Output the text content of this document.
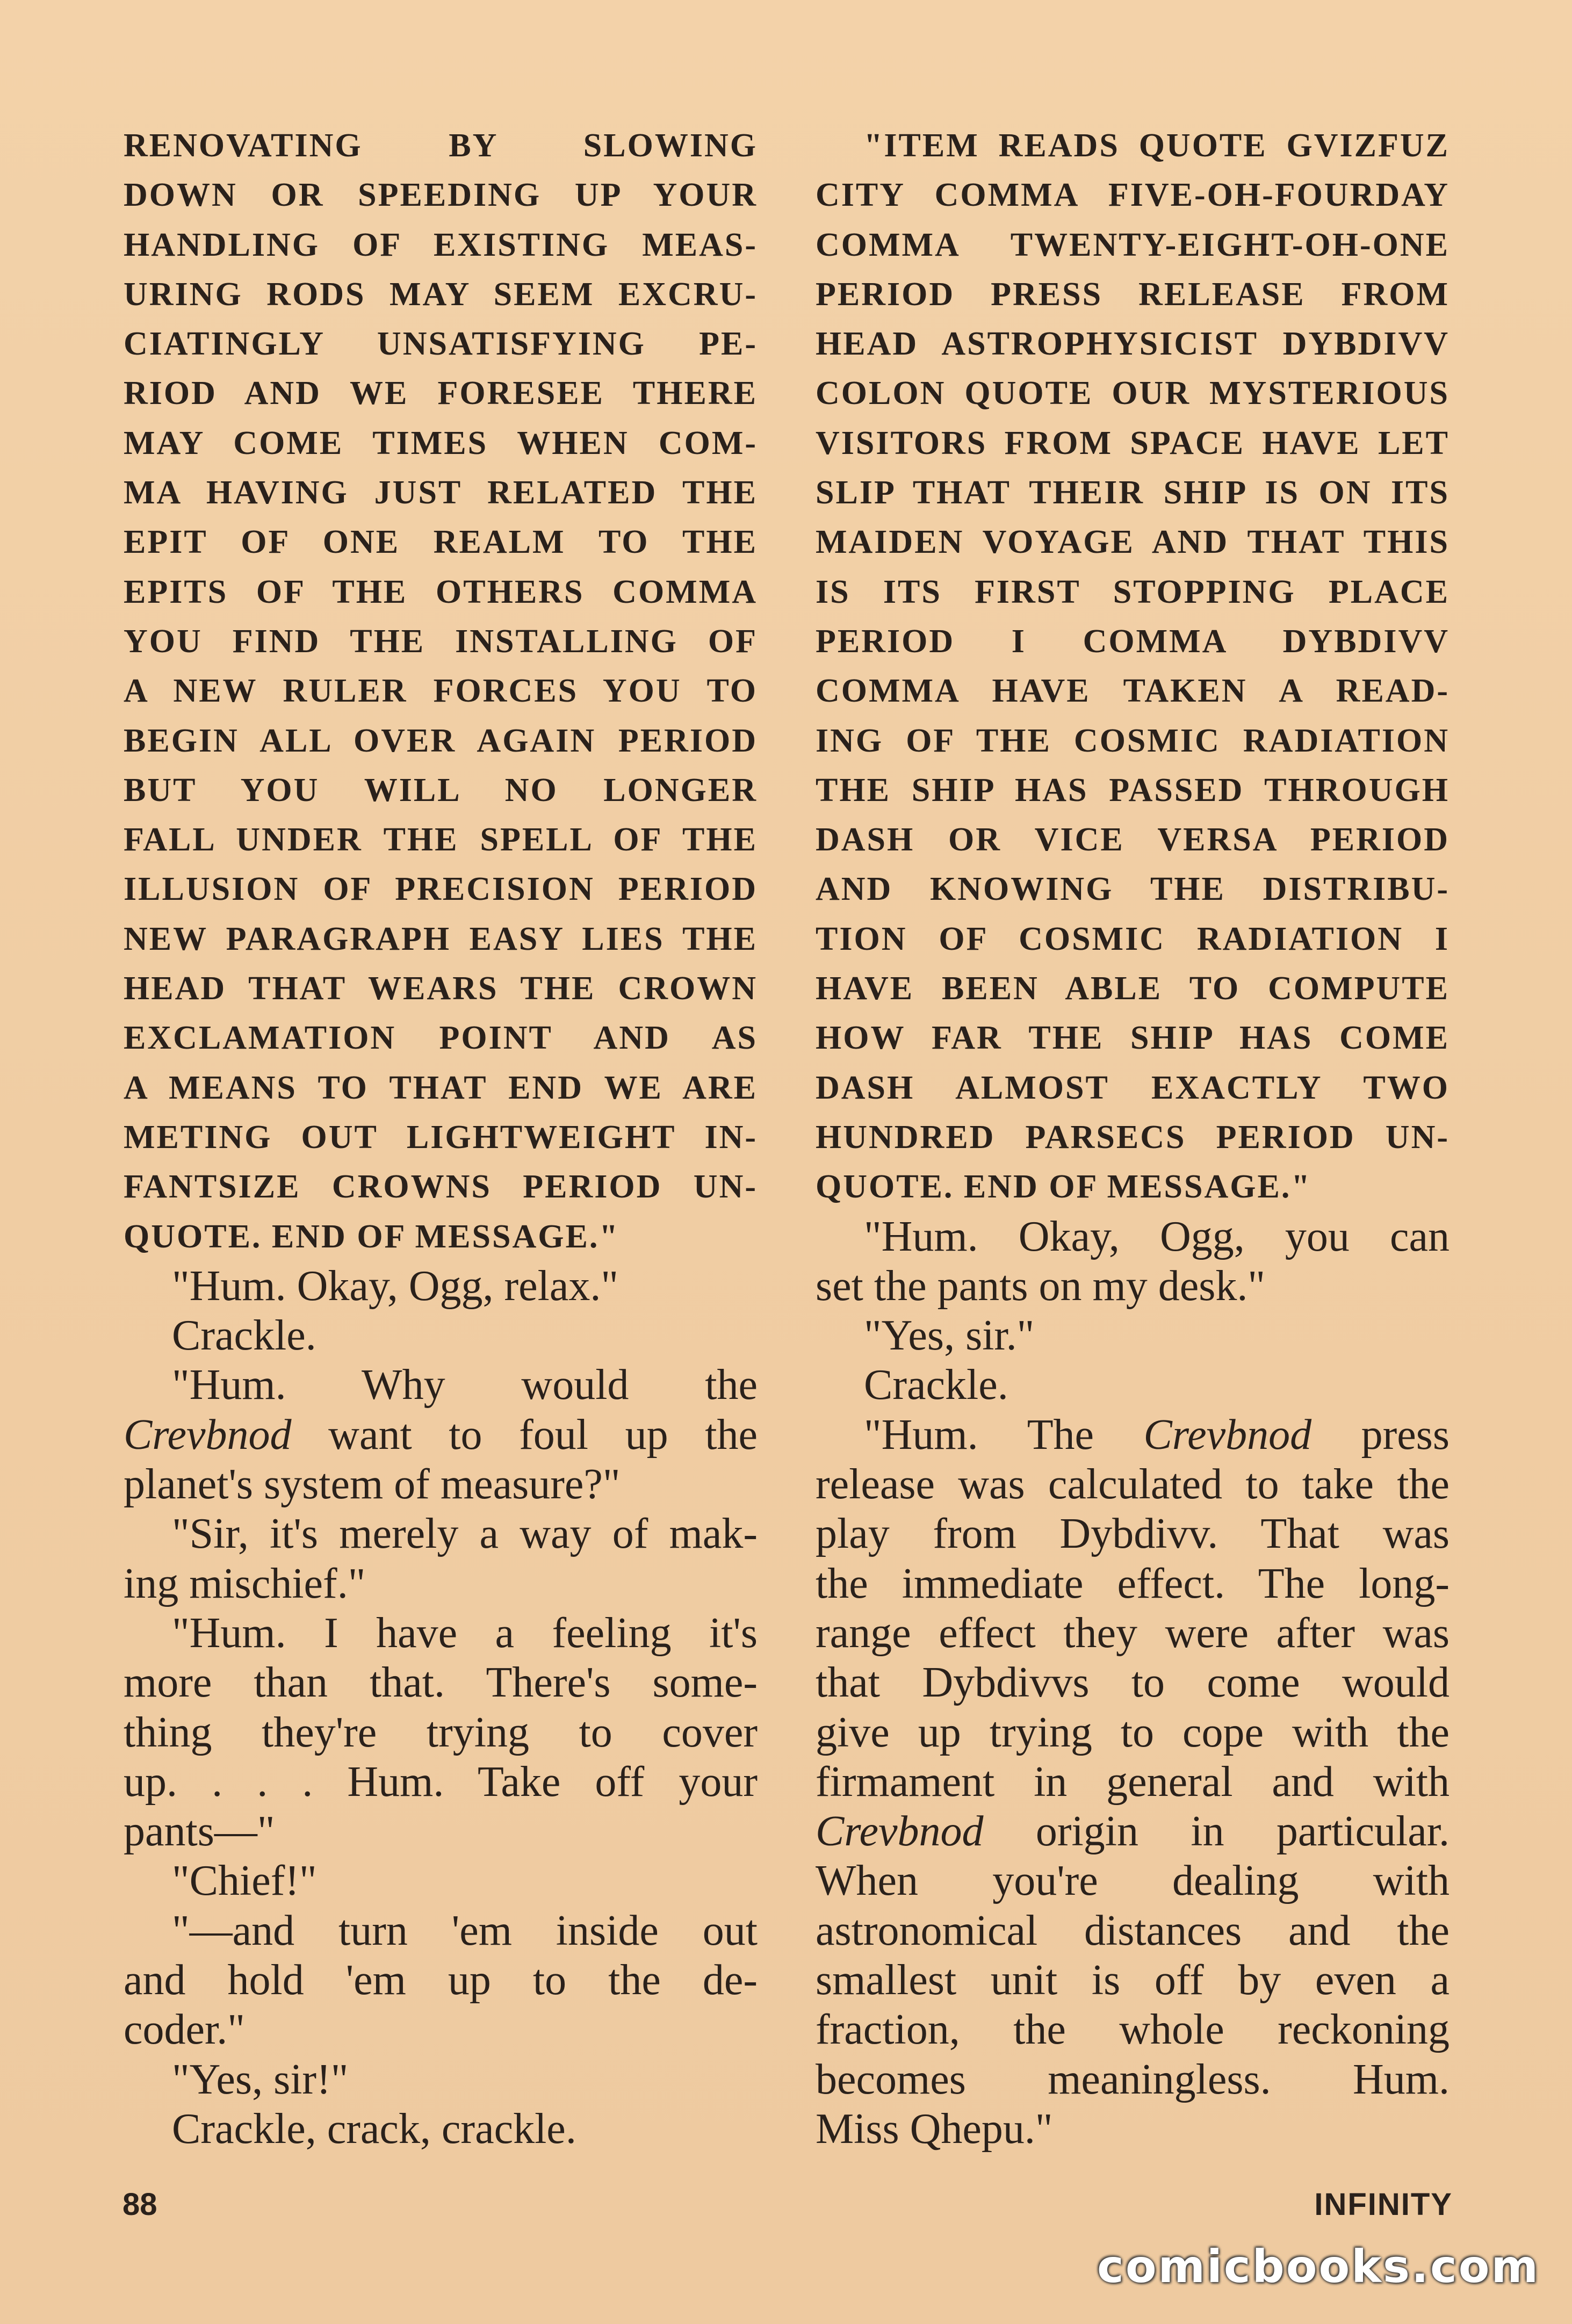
RENOVATING BY SLOWING
DOWN OR SPEEDING UP YOUR
HANDLING OF EXISTING MEAS-
URING RODS MAY SEEM EXCRU-
CIATINGLY UNSATISFYING PE-
RIOD AND WE FORESEE THERE
MAY COME TIMES WHEN COM-
MA HAVING JUST RELATED THE
EPIT OF ONE REALM TO THE
EPITS OF THE OTHERS COMMA
YOU FIND THE INSTALLING OF
A NEW RULER FORCES YOU TO
BEGIN ALL OVER AGAIN PERIOD
BUT YOU WILL NO LONGER
FALL UNDER THE SPELL OF THE
ILLUSION OF PRECISION PERIOD
NEW PARAGRAPH EASY LIES THE
HEAD THAT WEARS THE CROWN
EXCLAMATION POINT AND AS
A MEANS TO THAT END WE ARE
METING OUT LIGHTWEIGHT IN-
FANTSIZE CROWNS PERIOD UN-
QUOTE. END OF MESSAGE."
"Hum. Okay, Ogg, relax."
Crackle.
"Hum. Why would the
Crevbnod want to foul up the
planet's system of measure?"
"Sir, it's merely a way of mak-
ing mischief."
"Hum. I have a feeling it's
more than that. There's some-
thing they're trying to cover
up. . . . Hum. Take off your
pants—"
"Chief!"
"—and turn 'em inside out
and hold 'em up to the de-
coder."
"Yes, sir!"
Crackle, crack, crackle.
"ITEM READS QUOTE GVIZFUZ
CITY COMMA FIVE-OH-FOURDAY
COMMA TWENTY-EIGHT-OH-ONE
PERIOD PRESS RELEASE FROM
HEAD ASTROPHYSICIST DYBDIVV
COLON QUOTE OUR MYSTERIOUS
VISITORS FROM SPACE HAVE LET
SLIP THAT THEIR SHIP IS ON ITS
MAIDEN VOYAGE AND THAT THIS
IS ITS FIRST STOPPING PLACE
PERIOD I COMMA DYBDIVV
COMMA HAVE TAKEN A READ-
ING OF THE COSMIC RADIATION
THE SHIP HAS PASSED THROUGH
DASH OR VICE VERSA PERIOD
AND KNOWING THE DISTRIBU-
TION OF COSMIC RADIATION I
HAVE BEEN ABLE TO COMPUTE
HOW FAR THE SHIP HAS COME
DASH ALMOST EXACTLY TWO
HUNDRED PARSECS PERIOD UN-
QUOTE. END OF MESSAGE."
"Hum. Okay, Ogg, you can
set the pants on my desk."
"Yes, sir."
Crackle.
"Hum. The Crevbnod press
release was calculated to take the
play from Dybdivv. That was
the immediate effect. The long-
range effect they were after was
that Dybdivvs to come would
give up trying to cope with the
firmament in general and with
Crevbnod origin in particular.
When you're dealing with
astronomical distances and the
smallest unit is off by even a
fraction, the whole reckoning
becomes meaningless. Hum.
Miss Qhepu."
88	INFINITY
comicbooks.com
